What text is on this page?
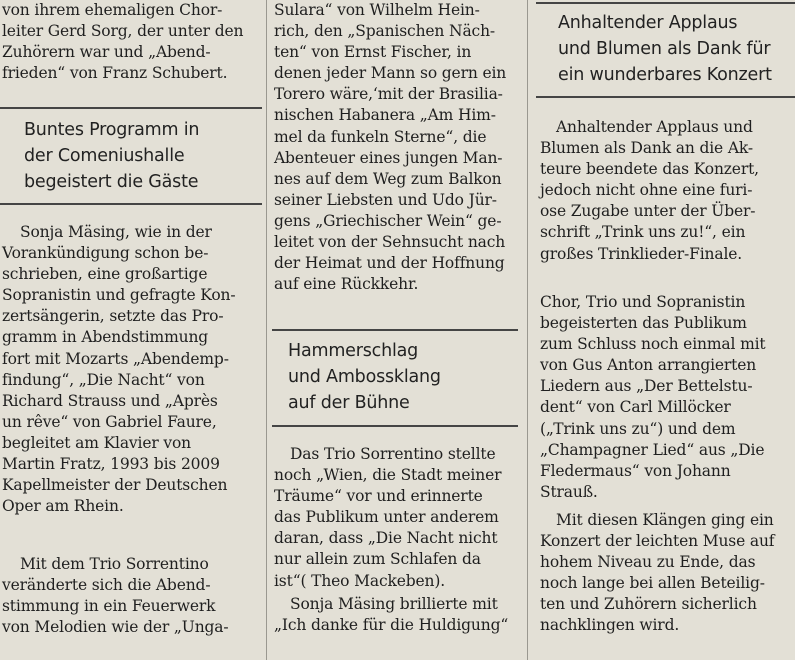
von ihrem ehemaligen Chor-
leiter Gerd Sorg, der unter den
Zuhörern war und „Abend-
frieden“ von Franz Schubert.

Buntes Programm in
der Comeniushalle
begeistert die Gäste

Sonja Mäsing, wie in der
Vorankündigung schon be-
schrieben, eine großartige
Sopranistin und gefragte Kon-
zertsängerin, setzte das Pro-
gramm in Abendstimmung
fort mit Mozarts „Abendemp-
findung“, „Die Nacht“ von
Richard Strauss und „Après
un rêve“ von Gabriel Faure,
begleitet am Klavier von
Martin Fratz, 1993 bis 2009
Kapellmeister der Deutschen
Oper am Rhein.

Mit dem Trio Sorrentino
veränderte sich die Abend-
stimmung in ein Feuerwerk
von Melodien wie der „Unga-

Sulara“ von Wilhelm Hein-
rich, den „Spanischen Näch-
ten“ von Ernst Fischer, in
denen jeder Mann so gern ein
Torero wäre,‘mit der Brasilia-
nischen Habanera „Am Him-
mel da funkeln Sterne“, die
Abenteuer eines jungen Man-
nes auf dem Weg zum Balkon
seiner Liebsten und Udo Jür-
gens „Griechischer Wein“ ge-
leitet von der Sehnsucht nach
der Heimat und der Hoffnung
auf eine Rückkehr.

Hammerschlag
und Ambossklang
auf der Bühne

Das Trio Sorrentino stellte
noch „Wien, die Stadt meiner
Träume“ vor und erinnerte
das Publikum unter anderem
daran, dass „Die Nacht nicht
nur allein zum Schlafen da
ist“( Theo Mackeben).

Sonja Mäsing brillierte mit
„Ich danke für die Huldigung“

Anhaltender Applaus
und Blumen als Dank für
ein wunderbares Konzert

Anhaltender Applaus und
Blumen als Dank an die Ak-
teure beendete das Konzert,
jedoch nicht ohne eine furi-
ose Zugabe unter der Über-
schrift „Trink uns zu!“, ein
großes Trinklieder-Finale.

Chor, Trio und Sopranistin
begeisterten das Publikum
zum Schluss noch einmal mit
von Gus Anton arrangierten
Liedern aus „Der Bettelstu-
dent“ von Carl Millöcker
(„Trink uns zu“) und dem
„Champagner Lied“ aus „Die
Fledermaus“ von Johann
Strauß.

Mit diesen Klängen ging ein
Konzert der leichten Muse auf
hohem Niveau zu Ende, das
noch lange bei allen Beteilig-
ten und Zuhörern sicherlich
nachklingen wird.
